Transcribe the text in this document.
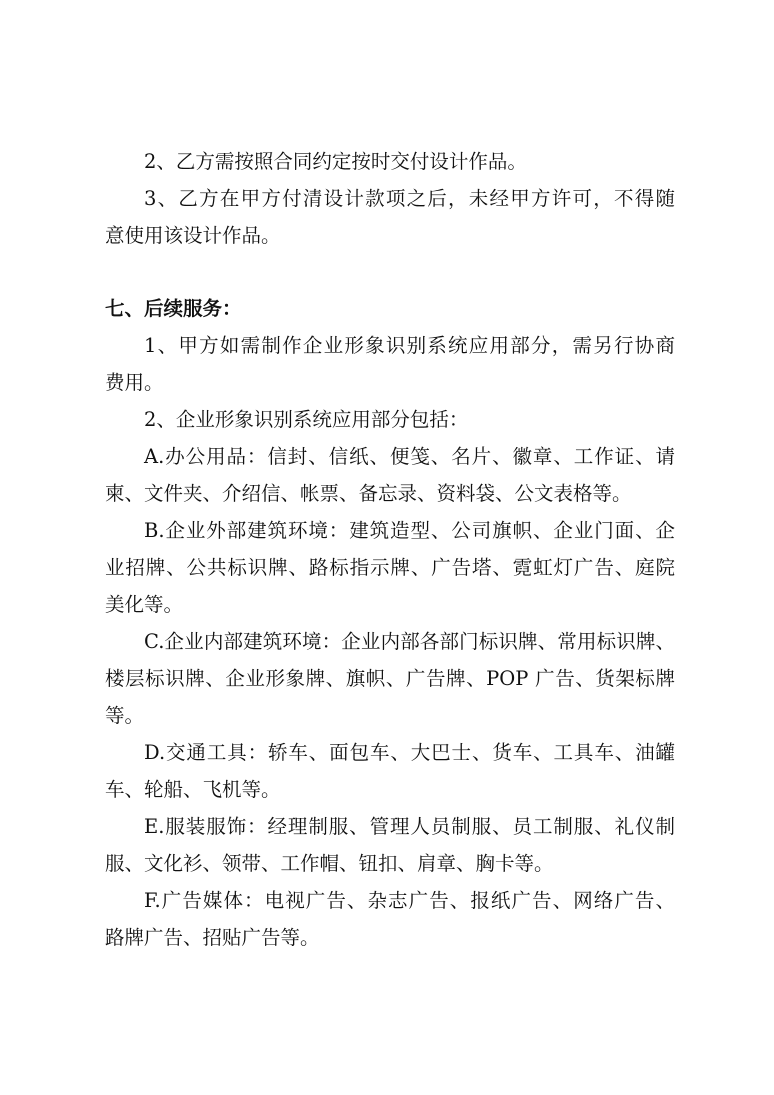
2、乙方需按照合同约定按时交付设计作品。
3、乙方在甲方付清设计款项之后，未经甲方许可，不得随
意使用该设计作品。
七、后续服务：
1、甲方如需制作企业形象识别系统应用部分，需另行协商
费用。
2、企业形象识别系统应用部分包括：
A.办公用品：信封、信纸、便笺、名片、徽章、工作证、请
柬、文件夹、介绍信、帐票、备忘录、资料袋、公文表格等。
B.企业外部建筑环境：建筑造型、公司旗帜、企业门面、企
业招牌、公共标识牌、路标指示牌、广告塔、霓虹灯广告、庭院
美化等。
C.企业内部建筑环境：企业内部各部门标识牌、常用标识牌、
楼层标识牌、企业形象牌、旗帜、广告牌、POP 广告、货架标牌
等。
D.交通工具：轿车、面包车、大巴士、货车、工具车、油罐
车、轮船、飞机等。
E.服装服饰：经理制服、管理人员制服、员工制服、礼仪制
服、文化衫、领带、工作帽、钮扣、肩章、胸卡等。
F.广告媒体：电视广告、杂志广告、报纸广告、网络广告、
路牌广告、招贴广告等。
